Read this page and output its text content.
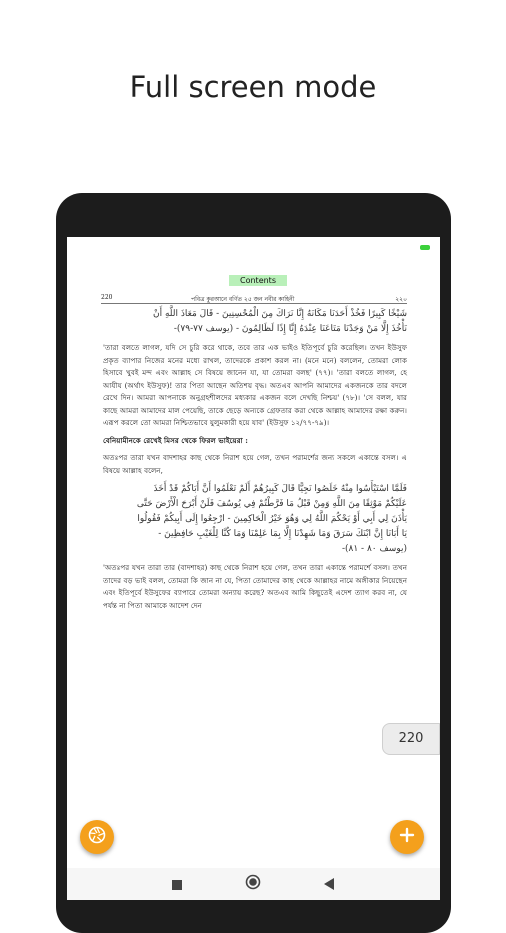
Full screen mode
Contents
220	পবিত্র কুরআনে বর্ণিত ২৫ জন নবীর কাহিনী	২২০

شَيْخًا كَبِيرًا فَخُذْ أَحَدَنَا مَكَانَهُ إِنَّا نَرَاكَ مِنَ الْمُحْسِنِينَ - قَالَ مَعَاذَ اللَّهِ أَنْ

نَأْخُذَ إِلَّا مَنْ وَجَدْنَا مَتَاعَنَا عِنْدَهُ إِنَّا إِذًا لَظَالِمُونَ - (يوسف ٧٧-٧٩)-

'তারা বলতে লাগল, যদি সে চুরি করে থাকে, তবে তার এক ভাইও ইতিপূর্বে চুরি করেছিল। তখন ইউসুফ প্রকৃত ব্যাপার নিজের মনের মধ্যে রাখল, তাদেরকে প্রকাশ করল না। (মনে মনে) বললেন, তোমরা লোক হিসাবে খুবই মন্দ এবং আল্লাহ সে বিষয়ে জানেন যা, যা তোমরা বলছ' (৭৭)। 'তারা বলতে লাগল, হে আযীয (অর্থাৎ ইউসুফ)! তার পিতা আছেন অতিশয় বৃদ্ধ। অতএব আপনি আমাদের একজনকে তার বদলে রেখে দিন। আমরা আপনাকে অনুগ্রহশীলদের মধ্যকার একজন বলে দেখছি নিশ্চয়' (৭৮)। 'সে বলল, যার কাছে আমরা আমাদের মাল পেয়েছি, তাকে ছেড়ে অন্যকে গ্রেফতার করা থেকে আল্লাহ আমাদের রক্ষা করুন। এরূপ করলে তো আমরা নিশ্চিতভাবে যুলুমকারী হয়ে যাব' (ইউসুফ ১২/৭৭-৭৯)।

বেনিয়ামীনকে রেখেই মিসর থেকে ফিরল ভাইয়েরা :

অতঃপর তারা যখন বাদশাহর কাছ থেকে নিরাশ হয়ে গেল, তখন পরামর্শের জন্য সকলে একান্তে বসল। এ বিষয়ে আল্লাহ বলেন,

فَلَمَّا اسْتَيْأَسُوا مِنْهُ خَلَصُوا نَجِيًّا قَالَ كَبِيرُهُمْ أَلَمْ تَعْلَمُوا أَنَّ أَبَاكُمْ قَدْ أَخَذَ

عَلَيْكُمْ مَوْثِقًا مِنَ اللَّهِ وَمِنْ قَبْلُ مَا فَرَّطْتُمْ فِي يُوسُفَ فَلَنْ أَبْرَحَ الْأَرْضَ حَتَّى

يَأْذَنَ لِي أَبِي أَوْ يَحْكُمَ اللَّهُ لِي وَهُوَ خَيْرُ الْحَاكِمِينَ - ارْجِعُوا إِلَى أَبِيكُمْ فَقُولُوا

يَا أَبَانَا إِنَّ ابْنَكَ سَرَقَ وَمَا شَهِدْنَا إِلَّا بِمَا عَلِمْنَا وَمَا كُنَّا لِلْغَيْبِ حَافِظِينَ -

(يوسف ٨٠ - ٨١)-

'অতঃপর যখন তারা তার (বাদশাহর) কাছ থেকে নিরাশ হয়ে গেল, তখন তারা একান্তে পরামর্শে বসল। তখন তাদের বড় ভাই বলল, তোমরা কি জান না যে, পিতা তোমাদের কাছ থেকে আল্লাহর নামে অঙ্গীকার নিয়েছেন এবং ইতিপূর্বে ইউসুফের ব্যাপারে তোমরা অন্যায় করেছ? অতএব আমি কিছুতেই এদেশ ত্যাগ করব না, যে পর্যন্ত না পিতা আমাকে আদেশ দেন

220
